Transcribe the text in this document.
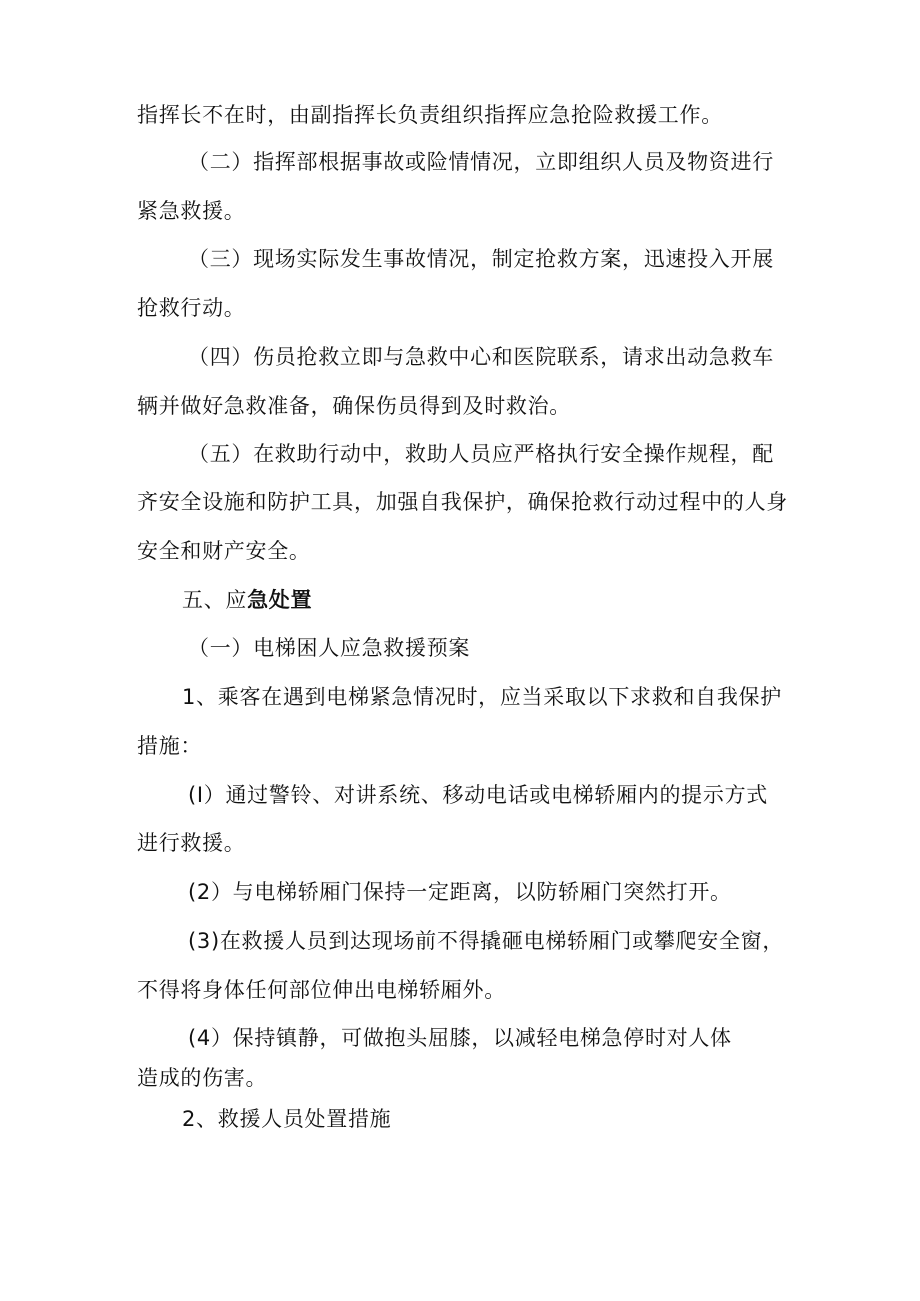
指挥长不在时，由副指挥长负责组织指挥应急抢险救援工作。
（二）指挥部根据事故或险情情况，立即组织人员及物资进行
紧急救援。
（三）现场实际发生事故情况，制定抢救方案，迅速投入开展
抢救行动。
（四）伤员抢救立即与急救中心和医院联系，请求出动急救车
辆并做好急救准备，确保伤员得到及时救治。
（五）在救助行动中，救助人员应严格执行安全操作规程，配
齐安全设施和防护工具，加强自我保护，确保抢救行动过程中的人身
安全和财产安全。
五、应急处置
（一）电梯困人应急救援预案
1、乘客在遇到电梯紧急情况时，应当采取以下求救和自我保护
措施：
(I）通过警铃、对讲系统、移动电话或电梯轿厢内的提示方式
进行救援。
(2）与电梯轿厢门保持一定距离，以防轿厢门突然打开。
(3)在救援人员到达现场前不得撬砸电梯轿厢门或攀爬安全窗，
不得将身体任何部位伸出电梯轿厢外。
(4）保持镇静，可做抱头屈膝，以减轻电梯急停时对人体
造成的伤害。
2、救援人员处置措施
